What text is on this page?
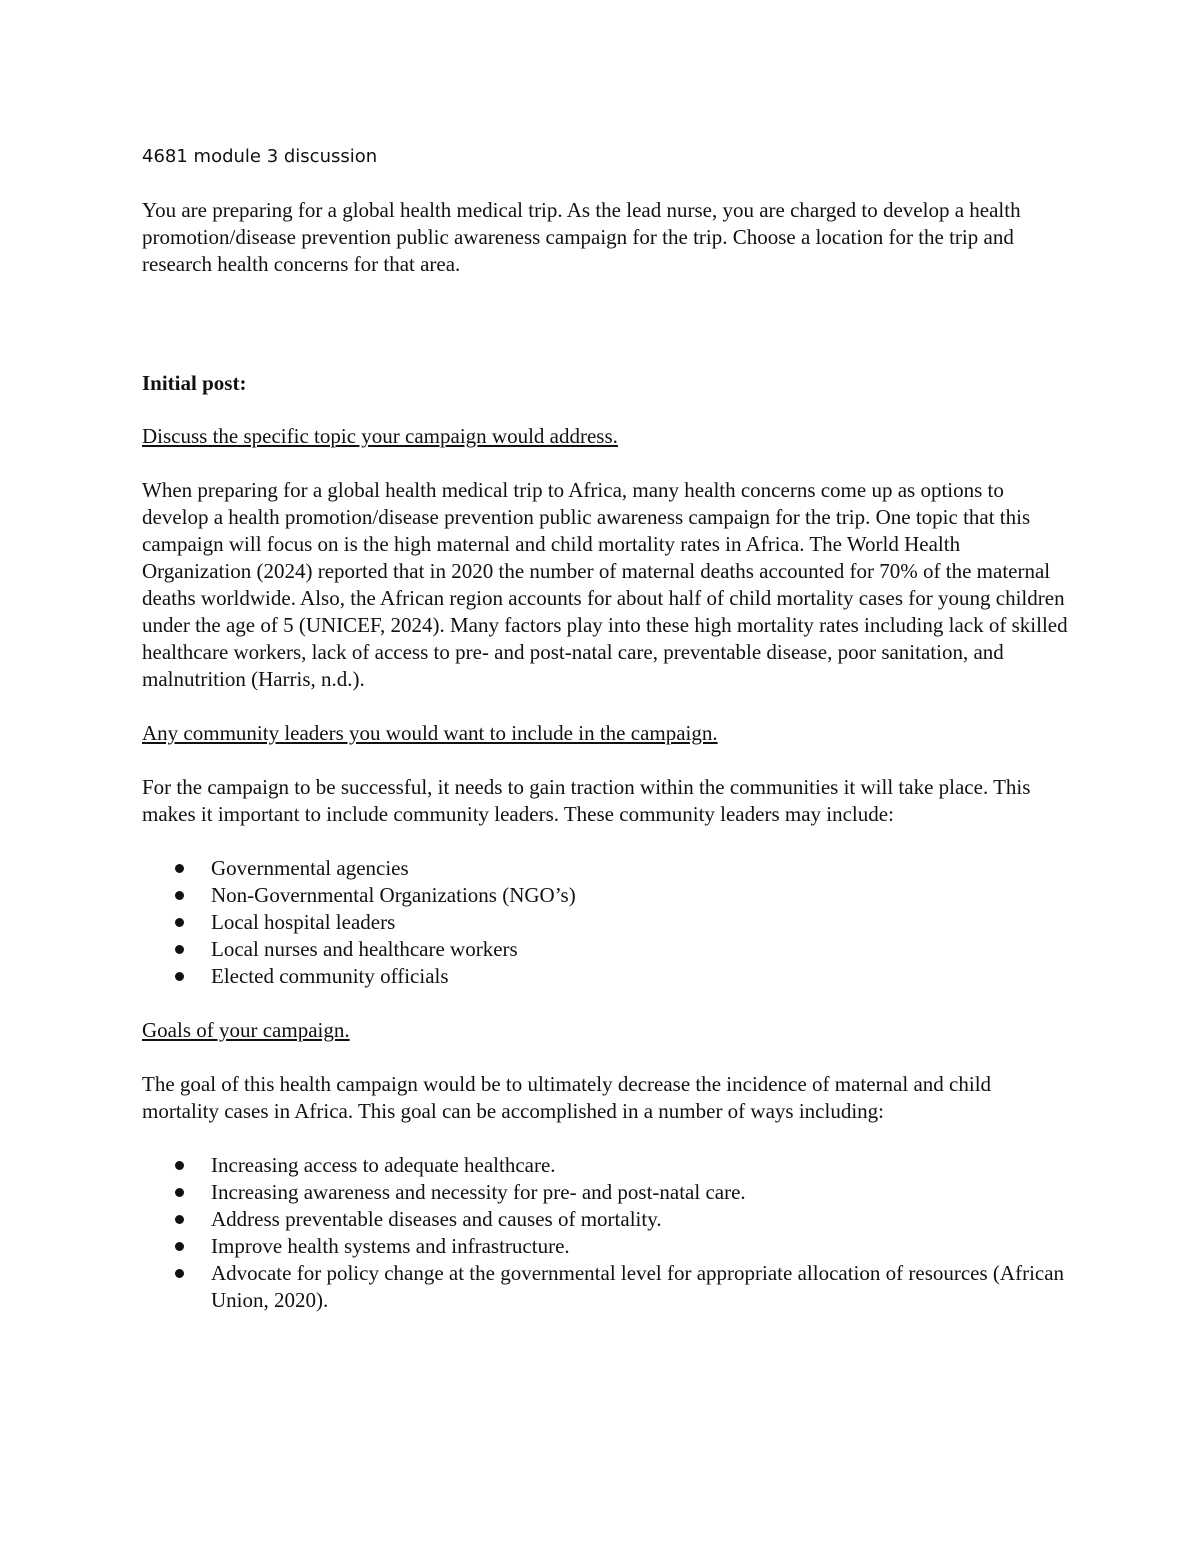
4681 module 3 discussion

You are preparing for a global health medical trip. As the lead nurse, you are charged to develop a health promotion/disease prevention public awareness campaign for the trip. Choose a location for the trip and research health concerns for that area.

Initial post:

Discuss the specific topic your campaign would address.

When preparing for a global health medical trip to Africa, many health concerns come up as options to develop a health promotion/disease prevention public awareness campaign for the trip. One topic that this campaign will focus on is the high maternal and child mortality rates in Africa. The World Health Organization (2024) reported that in 2020 the number of maternal deaths accounted for 70% of the maternal deaths worldwide. Also, the African region accounts for about half of child mortality cases for young children under the age of 5 (UNICEF, 2024). Many factors play into these high mortality rates including lack of skilled healthcare workers, lack of access to pre- and post-natal care, preventable disease, poor sanitation, and malnutrition (Harris, n.d.).

Any community leaders you would want to include in the campaign.

For the campaign to be successful, it needs to gain traction within the communities it will take place. This makes it important to include community leaders. These community leaders may include:

Governmental agencies
Non-Governmental Organizations (NGO’s)
Local hospital leaders
Local nurses and healthcare workers
Elected community officials

Goals of your campaign.

The goal of this health campaign would be to ultimately decrease the incidence of maternal and child mortality cases in Africa. This goal can be accomplished in a number of ways including:

Increasing access to adequate healthcare.
Increasing awareness and necessity for pre- and post-natal care.
Address preventable diseases and causes of mortality.
Improve health systems and infrastructure.
Advocate for policy change at the governmental level for appropriate allocation of resources (African Union, 2020).
